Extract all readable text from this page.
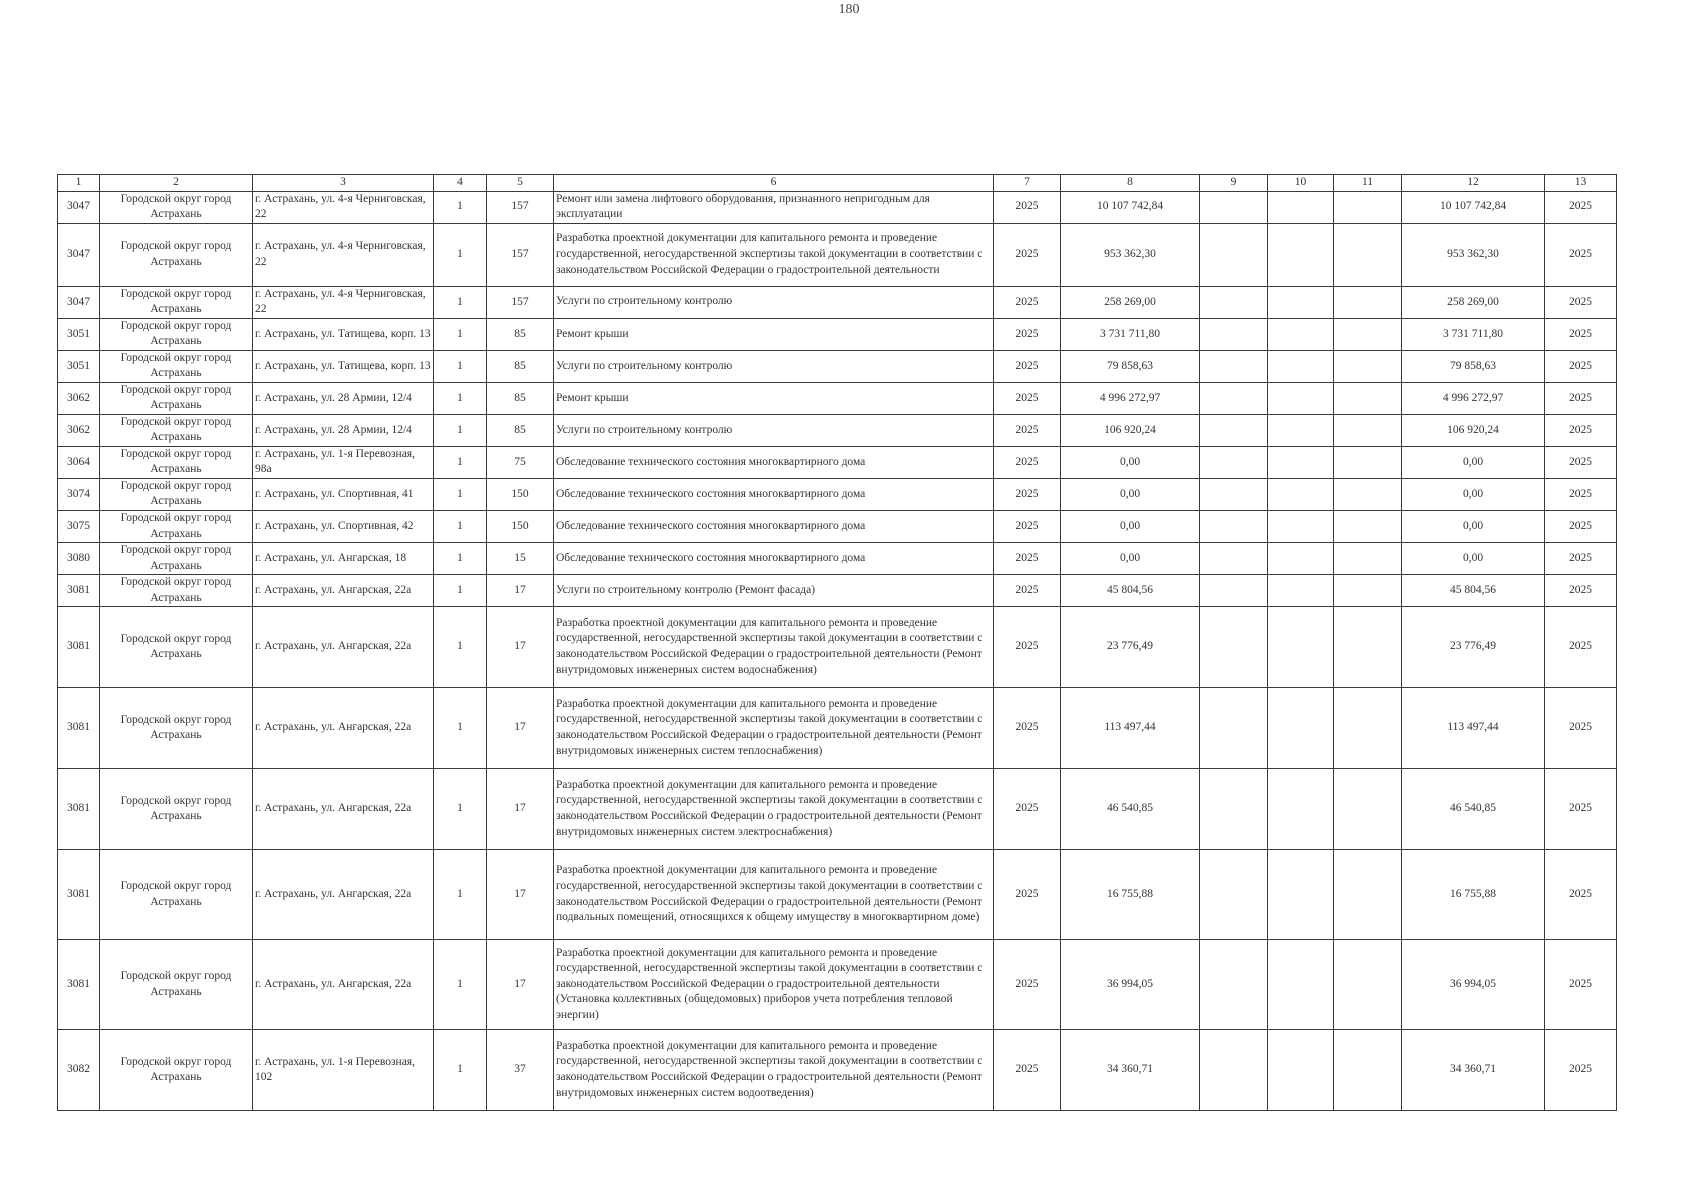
180
1	2	3	4	5	6	7	8	9	10	11	12	13
3047	Городской округ город Астрахань	г. Астрахань, ул. 4-я Черниговская, 22	1	157	Ремонт или замена лифтового оборудования, признанного непригодным для эксплуатации	2025	10 107 742,84				10 107 742,84	2025
3047	Городской округ город Астрахань	г. Астрахань, ул. 4-я Черниговская, 22	1	157	Разработка проектной документации для капитального ремонта и проведение государственной, негосударственной экспертизы такой документации в соответствии с законодательством Российской Федерации о градостроительной деятельности	2025	953 362,30				953 362,30	2025
3047	Городской округ город Астрахань	г. Астрахань, ул. 4-я Черниговская, 22	1	157	Услуги по строительному контролю	2025	258 269,00				258 269,00	2025
3051	Городской округ город Астрахань	г. Астрахань, ул. Татищева, корп. 13	1	85	Ремонт крыши	2025	3 731 711,80				3 731 711,80	2025
3051	Городской округ город Астрахань	г. Астрахань, ул. Татищева, корп. 13	1	85	Услуги по строительному контролю	2025	79 858,63				79 858,63	2025
3062	Городской округ город Астрахань	г. Астрахань, ул. 28 Армии, 12/4	1	85	Ремонт крыши	2025	4 996 272,97				4 996 272,97	2025
3062	Городской округ город Астрахань	г. Астрахань, ул. 28 Армии, 12/4	1	85	Услуги по строительному контролю	2025	106 920,24				106 920,24	2025
3064	Городской округ город Астрахань	г. Астрахань, ул. 1-я Перевозная, 98а	1	75	Обследование технического состояния многоквартирного дома	2025	0,00				0,00	2025
3074	Городской округ город Астрахань	г. Астрахань, ул. Спортивная, 41	1	150	Обследование технического состояния многоквартирного дома	2025	0,00				0,00	2025
3075	Городской округ город Астрахань	г. Астрахань, ул. Спортивная, 42	1	150	Обследование технического состояния многоквартирного дома	2025	0,00				0,00	2025
3080	Городской округ город Астрахань	г. Астрахань, ул. Ангарская, 18	1	15	Обследование технического состояния многоквартирного дома	2025	0,00				0,00	2025
3081	Городской округ город Астрахань	г. Астрахань, ул. Ангарская, 22а	1	17	Услуги по строительному контролю (Ремонт фасада)	2025	45 804,56				45 804,56	2025
3081	Городской округ город Астрахань	г. Астрахань, ул. Ангарская, 22а	1	17	Разработка проектной документации для капитального ремонта и проведение государственной, негосударственной экспертизы такой документации в соответствии с законодательством Российской Федерации о градостроительной деятельности (Ремонт внутридомовых инженерных систем водоснабжения)	2025	23 776,49				23 776,49	2025
3081	Городской округ город Астрахань	г. Астрахань, ул. Ангарская, 22а	1	17	Разработка проектной документации для капитального ремонта и проведение государственной, негосударственной экспертизы такой документации в соответствии с законодательством Российской Федерации о градостроительной деятельности (Ремонт внутридомовых инженерных систем теплоснабжения)	2025	113 497,44				113 497,44	2025
3081	Городской округ город Астрахань	г. Астрахань, ул. Ангарская, 22а	1	17	Разработка проектной документации для капитального ремонта и проведение государственной, негосударственной экспертизы такой документации в соответствии с законодательством Российской Федерации о градостроительной деятельности (Ремонт внутридомовых инженерных систем электроснабжения)	2025	46 540,85				46 540,85	2025
3081	Городской округ город Астрахань	г. Астрахань, ул. Ангарская, 22а	1	17	Разработка проектной документации для капитального ремонта и проведение государственной, негосударственной экспертизы такой документации в соответствии с законодательством Российской Федерации о градостроительной деятельности (Ремонт подвальных помещений, относящихся к общему имуществу в многоквартирном доме)	2025	16 755,88				16 755,88	2025
3081	Городской округ город Астрахань	г. Астрахань, ул. Ангарская, 22а	1	17	Разработка проектной документации для капитального ремонта и проведение государственной, негосударственной экспертизы такой документации в соответствии с законодательством Российской Федерации о градостроительной деятельности (Установка коллективных (общедомовых) приборов учета потребления тепловой энергии)	2025	36 994,05				36 994,05	2025
3082	Городской округ город Астрахань	г. Астрахань, ул. 1-я Перевозная, 102	1	37	Разработка проектной документации для капитального ремонта и проведение государственной, негосударственной экспертизы такой документации в соответствии с законодательством Российской Федерации о градостроительной деятельности (Ремонт внутридомовых инженерных систем водоотведения)	2025	34 360,71				34 360,71	2025
